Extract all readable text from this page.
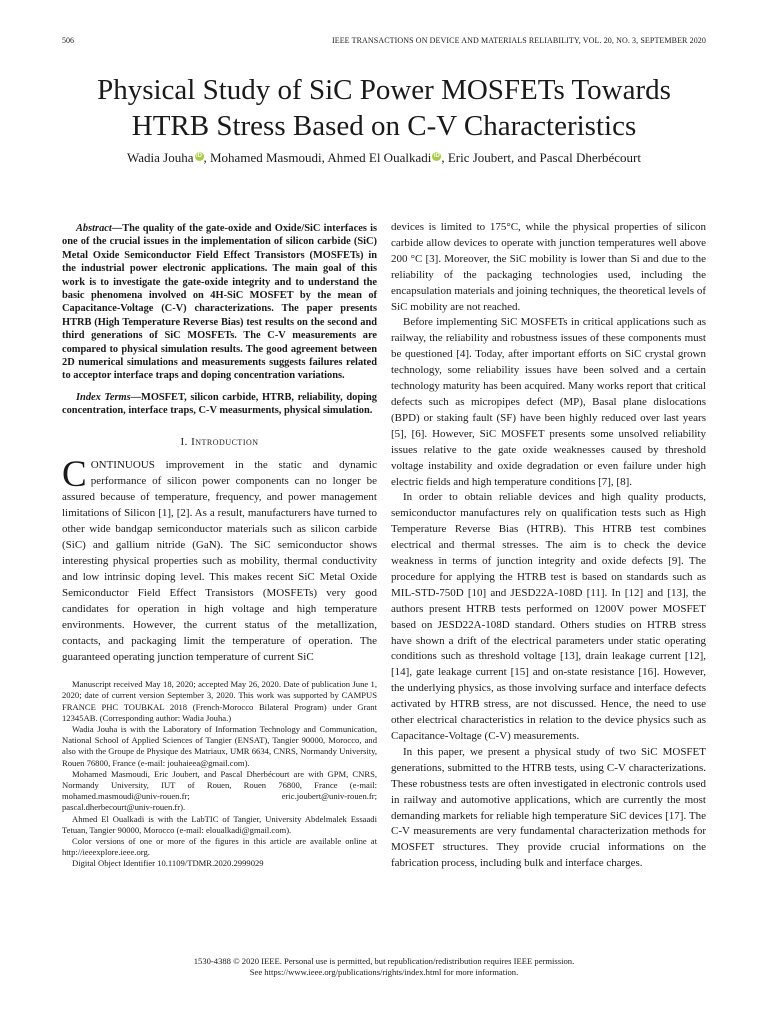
506	IEEE TRANSACTIONS ON DEVICE AND MATERIALS RELIABILITY, VOL. 20, NO. 3, SEPTEMBER 2020
Physical Study of SiC Power MOSFETs Towards
HTRB Stress Based on C-V Characteristics
Wadia Jouha iD , Mohamed Masmoudi, Ahmed El Oualkadi iD , Eric Joubert, and Pascal Dherbécourt

Abstract—The quality of the gate-oxide and Oxide/SiC interfaces is one of the crucial issues in the implementation of silicon carbide (SiC) Metal Oxide Semiconductor Field Effect Transistors (MOSFETs) in the industrial power electronic applications. The main goal of this work is to investigate the gate-oxide integrity and to understand the basic phenomena involved on 4H-SiC MOSFET by the mean of Capacitance-Voltage (C-V) characterizations. The paper presents HTRB (High Temperature Reverse Bias) test results on the second and third generations of SiC MOSFETs. The C-V measurements are compared to physical simulation results. The good agreement between 2D numerical simulations and measurements suggests failures related to acceptor interface traps and doping concentration variations.

Index Terms—MOSFET, silicon carbide, HTRB, reliability, doping concentration, interface traps, C-V measurments, physical simulation.

I. Introduction

CONTINUOUS improvement in the static and dynamic performance of silicon power components can no longer be assured because of temperature, frequency, and power management limitations of Silicon [1], [2]. As a result, manufacturers have turned to other wide bandgap semiconductor materials such as silicon carbide (SiC) and gallium nitride (GaN). The SiC semiconductor shows interesting physical properties such as mobility, thermal conductivity and low intrinsic doping level. This makes recent SiC Metal Oxide Semiconductor Field Effect Transistors (MOSFETs) very good candidates for operation in high voltage and high temperature environments. However, the current status of the metallization, contacts, and packaging limit the temperature of operation. The guaranteed operating junction temperature of current SiC

Manuscript received May 18, 2020; accepted May 26, 2020. Date of publication June 1, 2020; date of current version September 3, 2020. This work was supported by CAMPUS FRANCE PHC TOUBKAL 2018 (French-Morocco Bilateral Program) under Grant 12345AB. (Corresponding author: Wadia Jouha.)

Wadia Jouha is with the Laboratory of Information Technology and Communication, National School of Applied Sciences of Tangier (ENSAT), Tangier 90000, Morocco, and also with the Groupe de Physique des Matriaux, UMR 6634, CNRS, Normandy University, Rouen 76800, France (e-mail: jouhaieea@gmail.com).

Mohamed Masmoudi, Eric Joubert, and Pascal Dherbécourt are with GPM, CNRS, Normandy University, IUT of Rouen, Rouen 76800, France (e-mail: mohamed.masmoudi@univ-rouen.fr; eric.joubert@univ-rouen.fr; pascal.dherbecourt@univ-rouen.fr).

Ahmed El Oualkadi is with the LabTIC of Tangier, University Abdelmalek Essaadi Tetuan, Tangier 90000, Morocco (e-mail: eloualkadi@gmail.com).

Color versions of one or more of the figures in this article are available online at http://ieeexplore.ieee.org.

Digital Object Identifier 10.1109/TDMR.2020.2999029

devices is limited to 175°C, while the physical properties of silicon carbide allow devices to operate with junction temperatures well above 200 °C [3]. Moreover, the SiC mobility is lower than Si and due to the reliability of the packaging technologies used, including the encapsulation materials and joining techniques, the theoretical levels of SiC mobility are not reached.

Before implementing SiC MOSFETs in critical applications such as railway, the reliability and robustness issues of these components must be questioned [4]. Today, after important efforts on SiC crystal grown technology, some reliability issues have been solved and a certain technology maturity has been acquired. Many works report that critical defects such as micropipes defect (MP), Basal plane dislocations (BPD) or staking fault (SF) have been highly reduced over last years [5], [6]. However, SiC MOSFET presents some unsolved reliability issues relative to the gate oxide weaknesses caused by threshold voltage instability and oxide degradation or even failure under high electric fields and high temperature conditions [7], [8].

In order to obtain reliable devices and high quality products, semiconductor manufactures rely on qualification tests such as High Temperature Reverse Bias (HTRB). This HTRB test combines electrical and thermal stresses. The aim is to check the device weakness in terms of junction integrity and oxide defects [9]. The procedure for applying the HTRB test is based on standards such as MIL-STD-750D [10] and JESD22A-108D [11]. In [12] and [13], the authors present HTRB tests performed on 1200V power MOSFET based on JESD22A-108D standard. Others studies on HTRB stress have shown a drift of the electrical parameters under static operating conditions such as threshold voltage [13], drain leakage current [12], [14], gate leakage current [15] and on-state resistance [16]. However, the underlying physics, as those involving surface and interface defects activated by HTRB stress, are not discussed. Hence, the need to use other electrical characteristics in relation to the device physics such as Capacitance-Voltage (C-V) measurements.

In this paper, we present a physical study of two SiC MOSFET generations, submitted to the HTRB tests, using C-V characterizations. These robustness tests are often investigated in electronic controls used in railway and automotive applications, which are currently the most demanding markets for reliable high temperature SiC devices [17]. The C-V measurements are very fundamental characterization methods for MOSFET structures. They provide crucial informations on the fabrication process, including bulk and interface charges.

1530-4388 © 2020 IEEE. Personal use is permitted, but republication/redistribution requires IEEE permission.
See https://www.ieee.org/publications/rights/index.html for more information.
